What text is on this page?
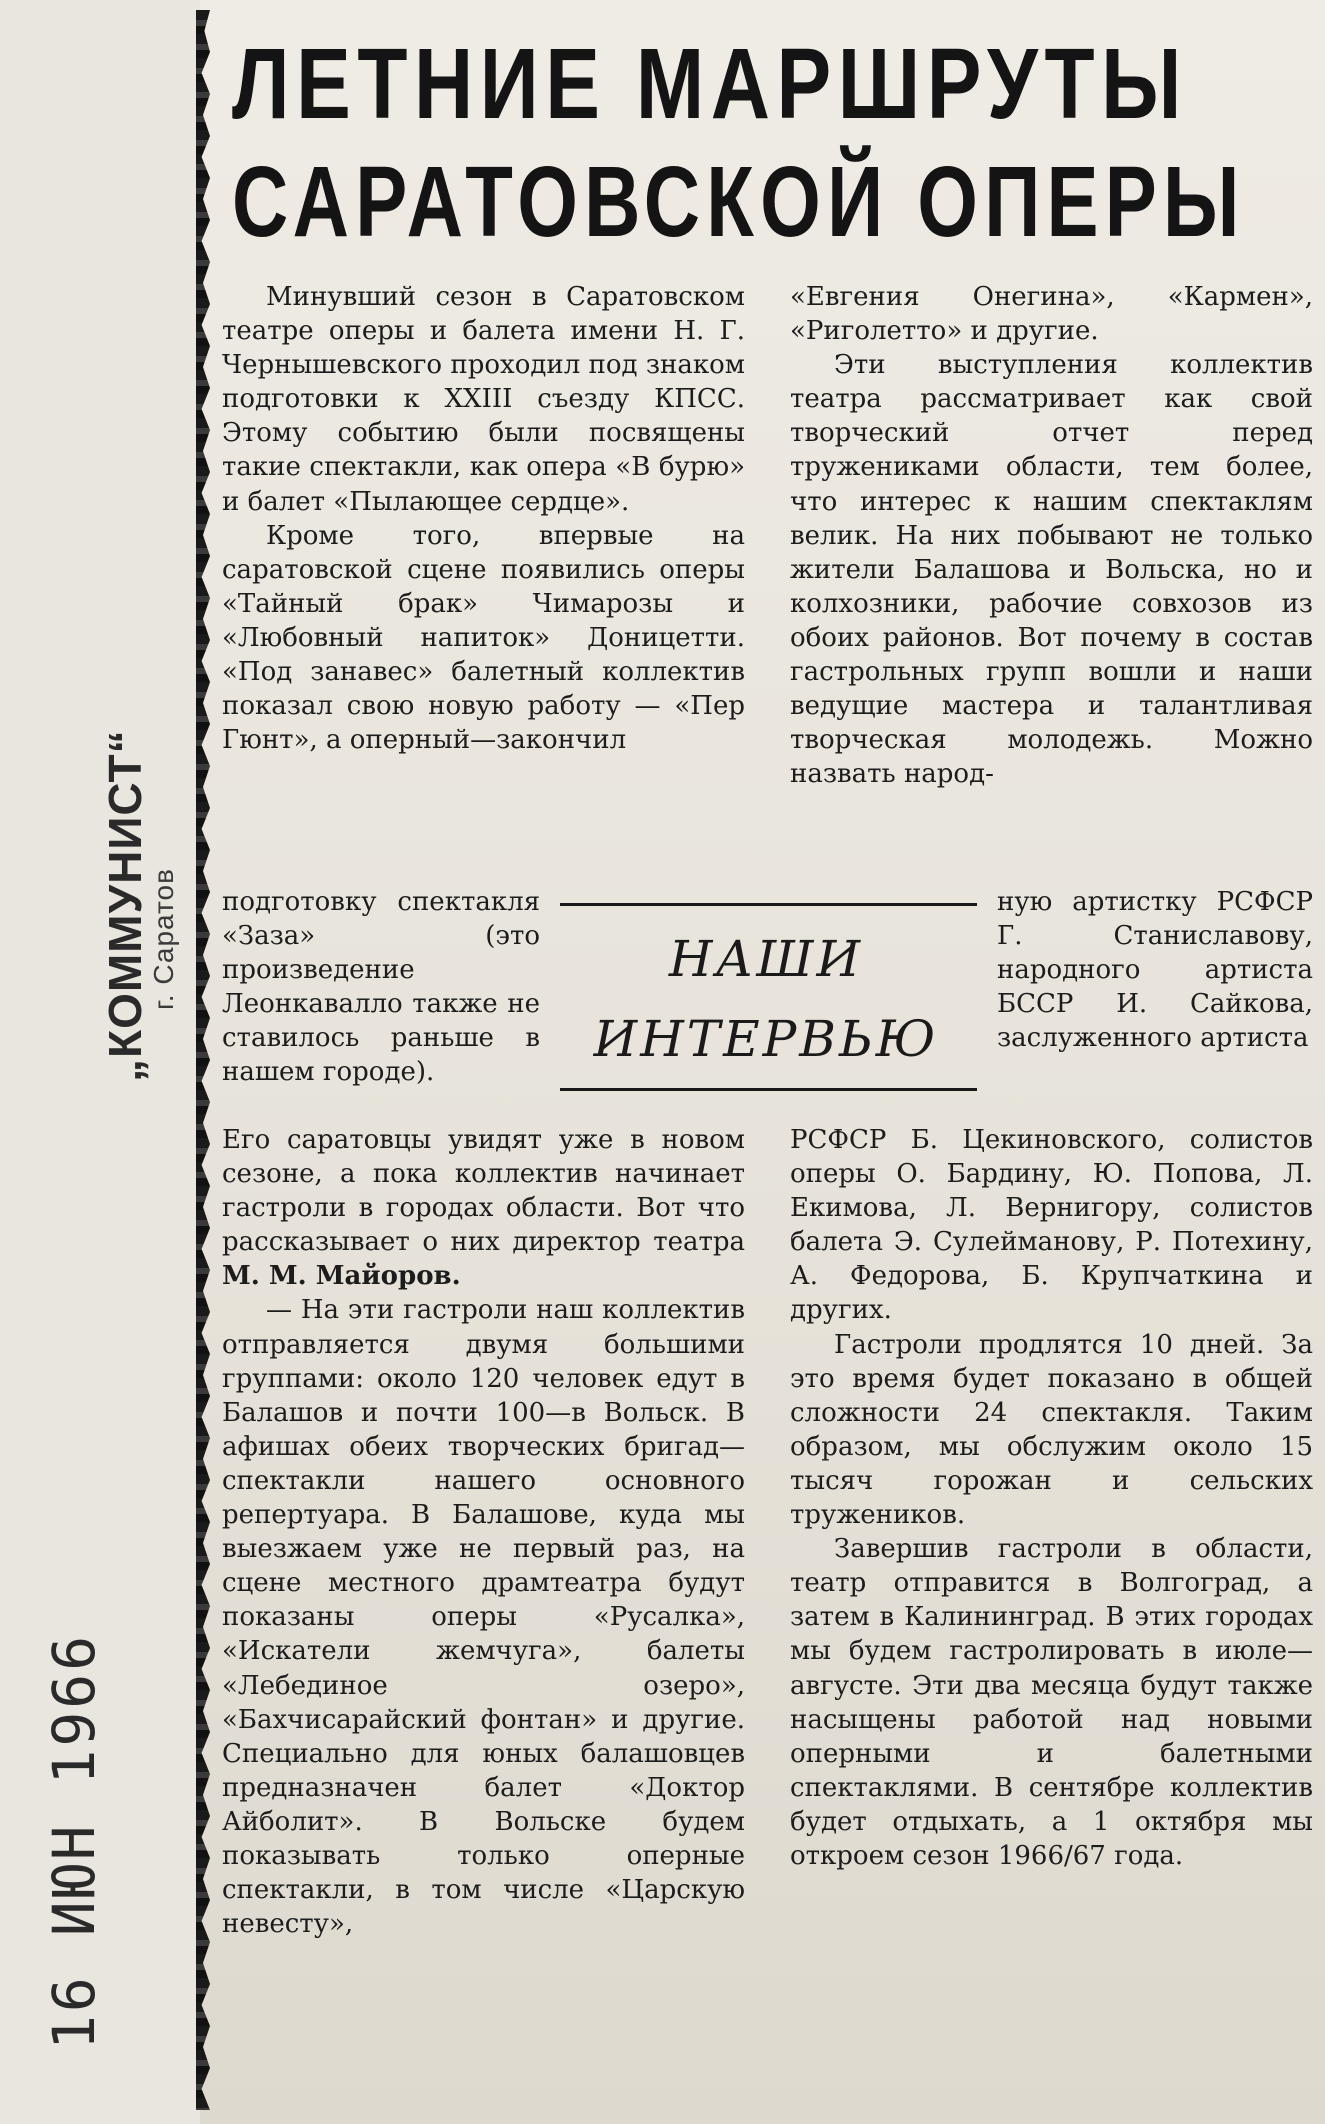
„КОММУНИСТ“
г. Саратов
16 ИЮН 1966
ЛЕТНИЕ МАРШРУТЫ
САРАТОВСКОЙ ОПЕРЫ

Минувший сезон в Саратовском театре оперы и балета имени Н. Г. Чернышевского проходил под знаком подготовки к XXIII съезду КПСС. Этому событию были посвящены такие спектакли, как опера «В бурю» и балет «Пылающее сердце».

Кроме того, впервые на саратовской сцене появились оперы «Тайный брак» Чимарозы и «Любовный напиток» Доницетти. «Под занавес» балетный коллектив показал свою новую работу — «Пер Гюнт», а оперный—закончил

подготовку спектакля «Заза» (это произведение Леонкавалло также не ставилось раньше в нашем городе).

Его саратовцы увидят уже в новом сезоне, а пока коллектив начинает гастроли в городах области. Вот что рассказывает о них директор театра М. М. Майоров.

— На эти гастроли наш коллектив отправляется двумя большими группами: около 120 человек едут в Балашов и почти 100—в Вольск. В афишах обеих творческих бригад—спектакли нашего основного репертуара. В Балашове, куда мы выезжаем уже не первый раз, на сцене местного драмтеатра будут показаны оперы «Русалка», «Искатели жемчуга», балеты «Лебединое озеро», «Бахчисарайский фонтан» и другие. Специально для юных балашовцев предназначен балет «Доктор Айболит». В Вольске будем показывать только оперные спектакли, в том числе «Царскую невесту»,

«Евгения Онегина», «Кармен», «Риголетто» и другие.

Эти выступления коллектив театра рассматривает как свой творческий отчет перед тружениками области, тем более, что интерес к нашим спектаклям велик. На них побывают не только жители Балашова и Вольска, но и колхозники, рабочие совхозов из обоих районов. Вот почему в состав гастрольных групп вошли и наши ведущие мастера и талантливая творческая молодежь. Можно назвать народ-

ную артистку РСФСР Г. Станиславову, народного артиста БССР И. Сайкова, заслуженного артиста

РСФСР Б. Цекиновского, солистов оперы О. Бардину, Ю. Попова, Л. Екимова, Л. Вернигору, солистов балета Э. Сулейманову, Р. Потехину, А. Федорова, Б. Крупчаткина и других.

Гастроли продлятся 10 дней. За это время будет показано в общей сложности 24 спектакля. Таким образом, мы обслужим около 15 тысяч горожан и сельских тружеников.

Завершив гастроли в области, театр отправится в Волгоград, а затем в Калининград. В этих городах мы будем гастролировать в июле—августе. Эти два месяца будут также насыщены работой над новыми оперными и балетными спектаклями. В сентябре коллектив будет отдыхать, а 1 октября мы откроем сезон 1966/67 года.

НАШИ
ИНТЕРВЬЮ
